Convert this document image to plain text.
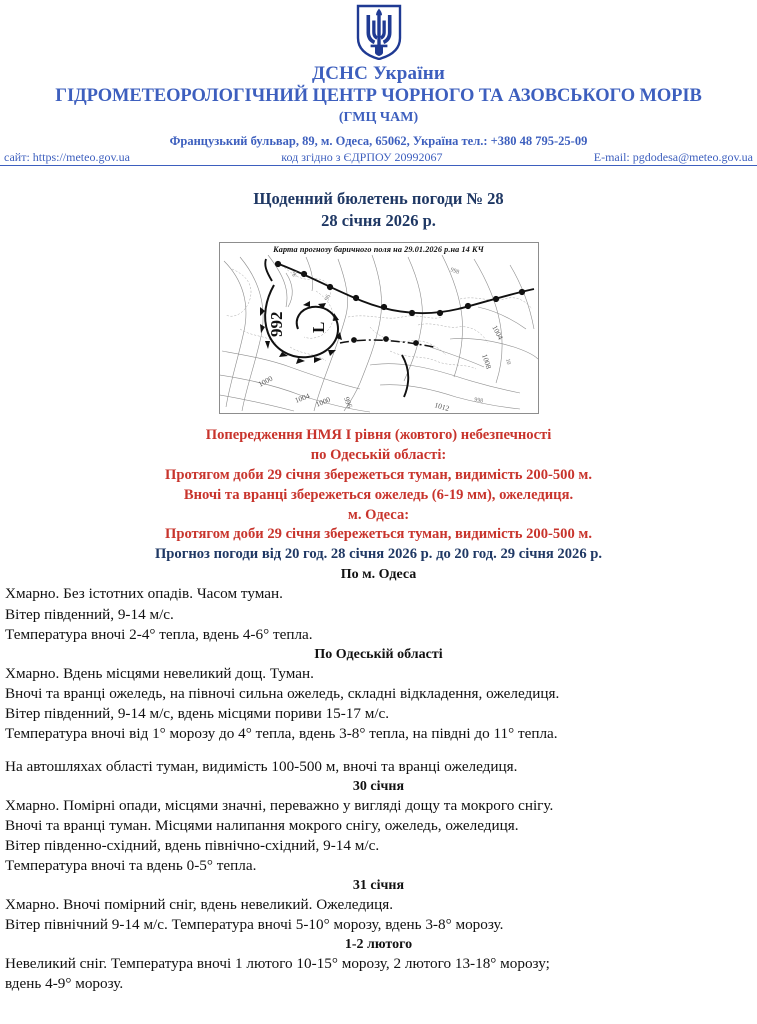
ДСНС України
ГІДРОМЕТЕОРОЛОГІЧНИЙ ЦЕНТР ЧОРНОГО ТА АЗОВСЬКОГО МОРІВ
(ГМЦ ЧАМ)
Французький бульвар, 89, м. Одеса, 65062, Україна тел.: +380 48 795-25-09
сайт: https://meteo.gov.ua	код згідно з ЄДРПОУ 20992067	E-mail: pgdodesa@meteo.gov.ua
Щоденний бюлетень погоди № 28
28 січня 2026 р.
Карта прогнозу баричного поля на 29.01.2026 р.на 14 КЧ
992 L
1000
1004	996
1004
1008
1012
1000
96
998
10
998
96
Попередження НМЯ І рівня (жовтого) небезпечності
по Одеській області:
Протягом доби 29 січня збережеться туман, видимість 200-500 м.
Вночі та вранці збережеться ожеледь (6-19 мм), ожеледиця.
м. Одеса:
Протягом доби 29 січня збережеться туман, видимість 200-500 м.
Прогноз погоди від 20 год. 28 січня 2026 р. до 20 год. 29 січня 2026 р.
По м. Одеса
Хмарно. Без істотних опадів. Часом туман.
Вітер південний, 9-14 м/с.
Температура вночі 2-4° тепла, вдень 4-6° тепла.
По Одеській області
Хмарно. Вдень місцями невеликий дощ. Туман.
Вночі та вранці ожеледь, на півночі сильна ожеледь, складні відкладення, ожеледиця.
Вітер південний, 9-14 м/с, вдень місцями пориви 15-17 м/с.
Температура вночі від 1° морозу до 4° тепла, вдень 3-8° тепла, на півдні до 11° тепла.
На автошляхах області туман, видимість 100-500 м, вночі та вранці ожеледиця.
30 січня
Хмарно. Помірні опади, місцями значні, переважно у вигляді дощу та мокрого снігу.
Вночі та вранці туман. Місцями налипання мокрого снігу, ожеледь, ожеледиця.
Вітер південно-східний, вдень північно-східний, 9-14 м/с.
Температура вночі та вдень 0-5° тепла.
31 січня
Хмарно. Вночі помірний сніг, вдень невеликий. Ожеледиця.
Вітер північний 9-14 м/с. Температура вночі 5-10° морозу, вдень 3-8° морозу.
1-2 лютого
Невеликий сніг. Температура вночі 1 лютого 10-15° морозу, 2 лютого 13-18° морозу;
вдень 4-9° морозу.
